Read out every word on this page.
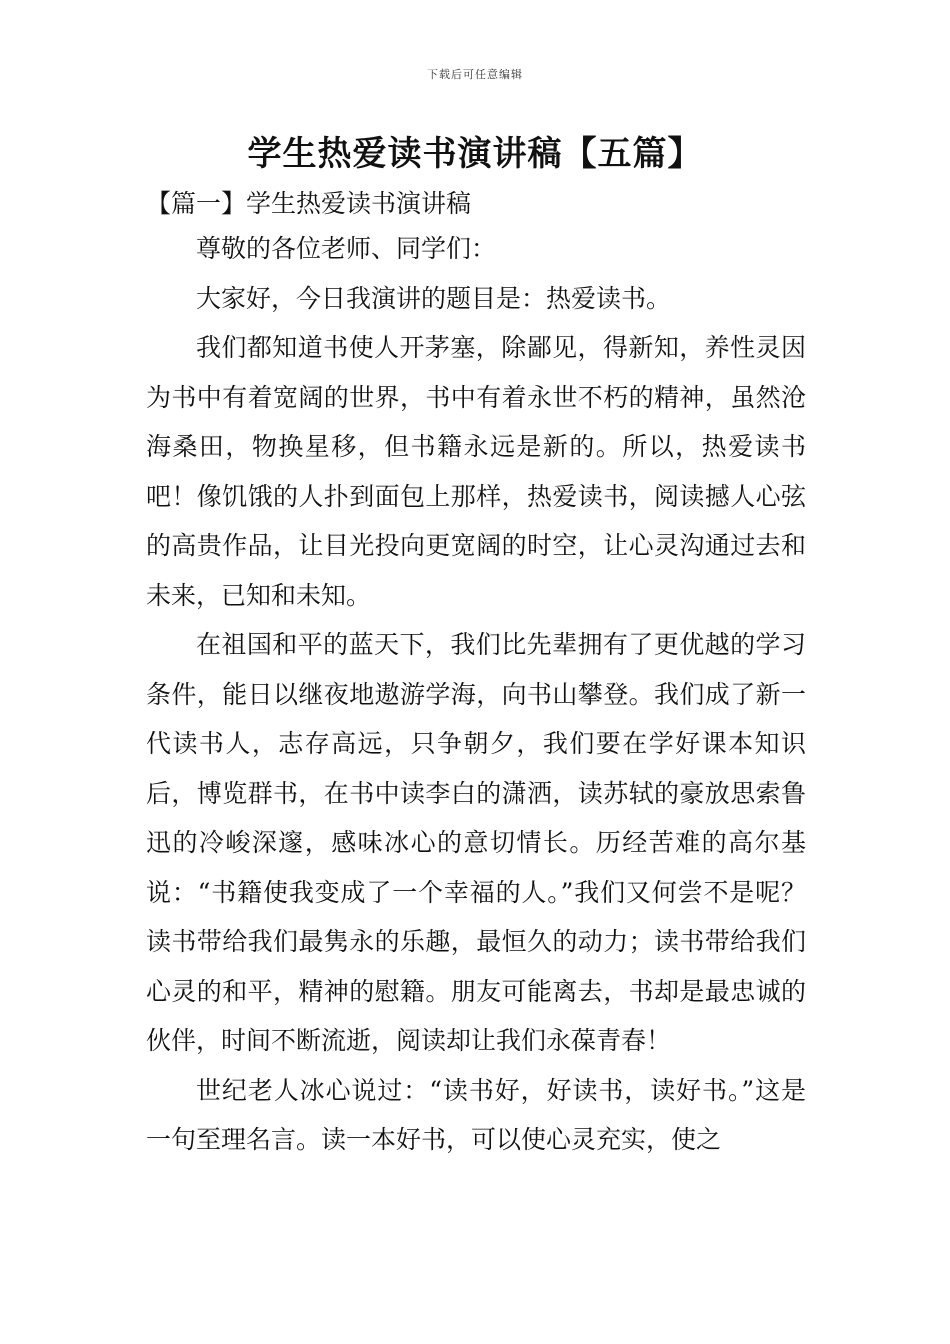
下载后可任意编辑
学生热爱读书演讲稿【五篇】
【篇一】学生热爱读书演讲稿

尊敬的各位老师、同学们：

大家好，今日我演讲的题目是：热爱读书。

我们都知道书使人开茅塞，除鄙见，得新知，养性灵因为书中有着宽阔的世界，书中有着永世不朽的精神，虽然沧海桑田，物换星移，但书籍永远是新的。所以，热爱读书吧！像饥饿的人扑到面包上那样，热爱读书，阅读撼人心弦的高贵作品，让目光投向更宽阔的时空，让心灵沟通过去和未来，已知和未知。

在祖国和平的蓝天下，我们比先辈拥有了更优越的学习条件，能日以继夜地遨游学海，向书山攀登。我们成了新一代读书人，志存高远，只争朝夕，我们要在学好课本知识后，博览群书，在书中读李白的潇洒，读苏轼的豪放思索鲁迅的冷峻深邃，感味冰心的意切情长。历经苦难的高尔基说：“书籍使我变成了一个幸福的人。”我们又何尝不是呢？读书带给我们最隽永的乐趣，最恒久的动力；读书带给我们心灵的和平，精神的慰籍。朋友可能离去，书却是最忠诚的伙伴，时间不断流逝，阅读却让我们永葆青春！

世纪老人冰心说过：“读书好，好读书，读好书。”这是一句至理名言。读一本好书，可以使心灵充实，使之
